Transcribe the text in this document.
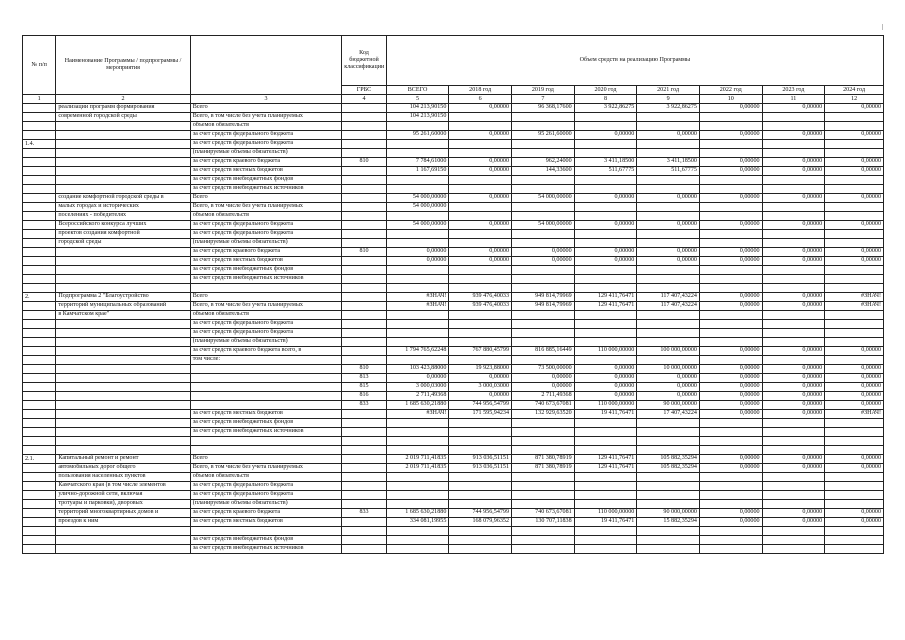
№ п/п	Наименование Программы / подпрограммы / мероприятия		Код бюджетной классификации	Объем средств на реализацию Программы							
			ГРБС	ВСЕГО	2018 год	2019 год	2020 год	2021 год	2022 год	2023 год	2024 год
1	2	3	4	5	6	7	8	9	10	11	12
	реализации программ формирования	Всего		104 213,90150	0,00000	96 368,17600	3 922,86275	3 922,86275	0,00000	0,00000	0,00000
	современной городской среды	Всего, в том числе без учета планируемых		104 213,90150							
		объемов обязательств									
		за счет средств федерального бюджета		95 261,60000	0,00000	95 261,60000	0,00000	0,00000	0,00000	0,00000	0,00000
1.4.		за счет средств федерального бюджета									
		(планируемые объемы обязательств)									
		за счет средств краевого бюджета	810	7 784,61000	0,00000	962,24000	3 411,18500	3 411,18500	0,00000	0,00000	0,00000
		за счет средств местных бюджетов		1 167,69150	0,00000	144,33600	511,67775	511,67775	0,00000	0,00000	0,00000
		за счет средств внебюджетных фондов									
		за счет средств внебюджетных источников									
	создание комфортной городской среды в	Всего		54 000,00000	0,00000	54 000,00000	0,00000	0,00000	0,00000	0,00000	0,00000
	малых городах и исторических	Всего, в том числе без учета планируемых		54 000,00000							
	поселениях - победителях	объемов обязательств									
	Всероссийского конкурса лучших	за счет средств федерального бюджета		54 000,00000	0,00000	54 000,00000	0,00000	0,00000	0,00000	0,00000	0,00000
	проектов создания комфортной	за счет средств федерального бюджета									
	городской среды	(планируемые объемы обязательств)									
		за счет средств краевого бюджета	810	0,00000	0,00000	0,00000	0,00000	0,00000	0,00000	0,00000	0,00000
		за счет средств местных бюджетов		0,00000	0,00000	0,00000	0,00000	0,00000	0,00000	0,00000	0,00000
		за счет средств внебюджетных фондов									
		за счет средств внебюджетных источников									

2.	Подпрограмма 2 "Благоустройство	Всего		#ЗНАЧ!	939 476,40033	949 814,79969	129 411,76471	117 407,43224	0,00000	0,00000	#ЗНАЧ!
	территорий муниципальных образований	Всего, в том числе без учета планируемых		#ЗНАЧ!	939 476,40033	949 814,79969	129 411,76471	117 407,43224	0,00000	0,00000	#ЗНАЧ!
	в Камчатском крае"	объемов обязательств									
		за счет средств федерального бюджета									
		за счет средств федерального бюджета									
		(планируемые объемы обязательств)									
		за счет средств краевого бюджета всего, в		1 794 765,62248	767 880,45799	816 885,16449	110 000,00000	100 000,00000	0,00000	0,00000	0,00000
		том числе:									
			810	103 423,88000	19 923,88000	73 500,00000	0,00000	10 000,00000	0,00000	0,00000	0,00000
			813	0,00000	0,00000	0,00000	0,00000	0,00000	0,00000	0,00000	0,00000
			815	3 000,03000	3 000,03000	0,00000	0,00000	0,00000	0,00000	0,00000	0,00000
			816	2 711,49368	0,00000	2 711,49368	0,00000	0,00000	0,00000	0,00000	0,00000
			833	1 685 630,21880	744 956,54799	740 673,67081	110 000,00000	90 000,00000	0,00000	0,00000	0,00000
		за счет средств местных бюджетов		#ЗНАЧ!	171 595,94234	132 929,63520	19 411,76471	17 407,43224	0,00000	0,00000	#ЗНАЧ!
		за счет средств внебюджетных фондов									
		за счет средств внебюджетных источников									

2.1.	Капитальный ремонт и ремонт	Всего		2 019 711,41835	913 036,51151	871 380,78919	129 411,76471	105 882,35294	0,00000	0,00000	0,00000
	автомобильных дорог общего	Всего, в том числе без учета планируемых		2 019 711,41835	913 036,51151	871 380,78919	129 411,76471	105 882,35294	0,00000	0,00000	0,00000
	пользования населенных пунктов	объемов обязательств									
	Камчатского края (в том числе элементов	за счет средств федерального бюджета									
	улично-дорожной сети, включая	за счет средств федерального бюджета									
	тротуары и парковки), дворовых	(планируемые объемы обязательств)									
	территорий многоквартирных домов и	за счет средств краевого бюджета	833	1 685 630,21880	744 956,54799	740 673,67081	110 000,00000	90 000,00000	0,00000	0,00000	0,00000
	проездов к ним	за счет средств местных бюджетов		334 081,19955	168 079,96352	130 707,11838	19 411,76471	15 882,35294	0,00000	0,00000	0,00000

		за счет средств внебюджетных фондов									
		за счет средств внебюджетных источников									
